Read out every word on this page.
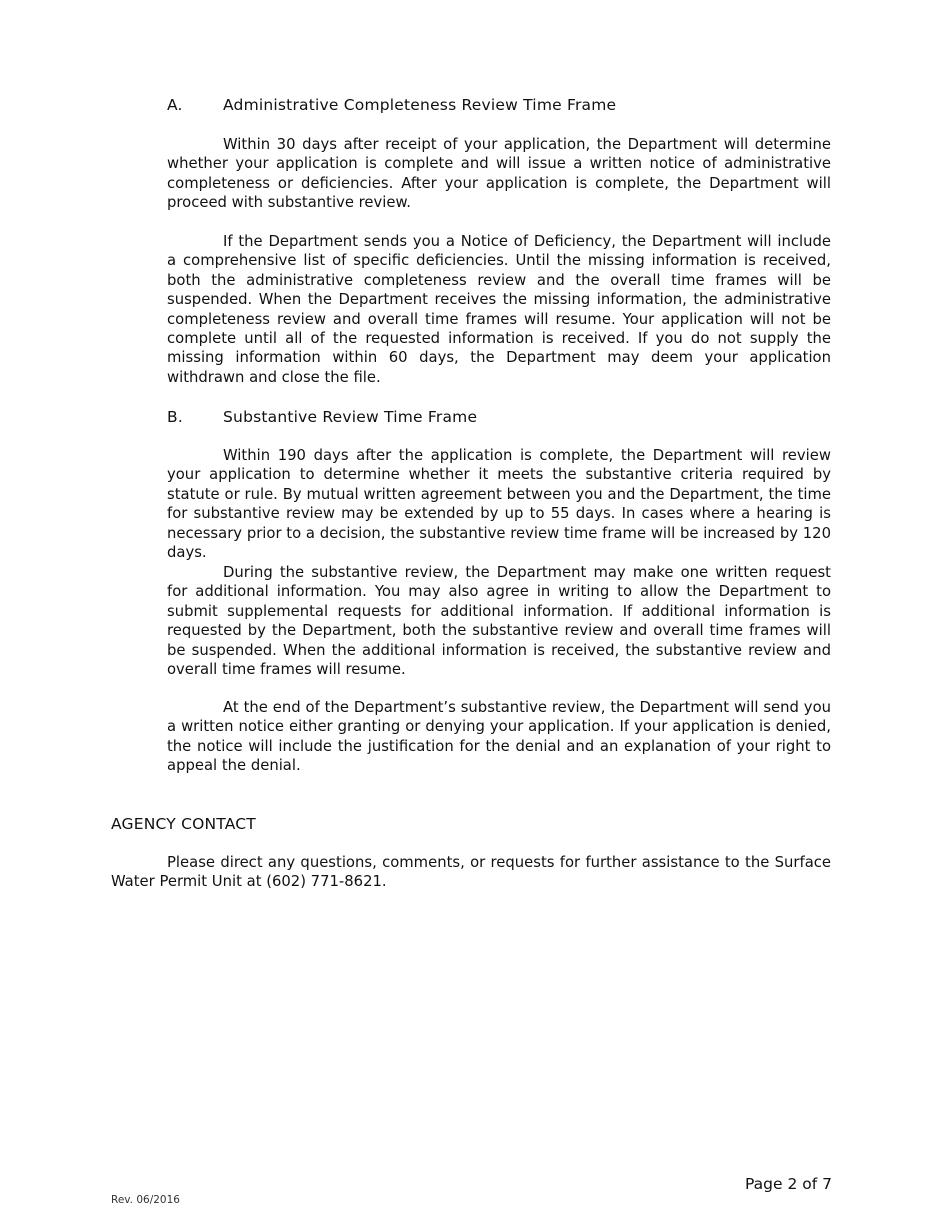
A.	Administrative Completeness Review Time Frame

Within 30 days after receipt of your application, the Department will determine whether your application is complete and will issue a written notice of administrative completeness or deficiencies. After your application is complete, the Department will proceed with substantive review.

If the Department sends you a Notice of Deficiency, the Department will include a comprehensive list of specific deficiencies. Until the missing information is received, both the administrative completeness review and the overall time frames will be suspended. When the Department receives the missing information, the administrative completeness review and overall time frames will resume. Your application will not be complete until all of the requested information is received. If you do not supply the missing information within 60 days, the Department may deem your application withdrawn and close the file.

B.	Substantive Review Time Frame

Within 190 days after the application is complete, the Department will review your application to determine whether it meets the substantive criteria required by statute or rule. By mutual written agreement between you and the Department, the time for substantive review may be extended by up to 55 days. In cases where a hearing is necessary prior to a decision, the substantive review time frame will be increased by 120 days.

During the substantive review, the Department may make one written request for additional information. You may also agree in writing to allow the Department to submit supplemental requests for additional information. If additional information is requested by the Department, both the substantive review and overall time frames will be suspended. When the additional information is received, the substantive review and overall time frames will resume.

At the end of the Department’s substantive review, the Department will send you a written notice either granting or denying your application. If your application is denied, the notice will include the justification for the denial and an explanation of your right to appeal the denial.

AGENCY CONTACT

Please direct any questions, comments, or requests for further assistance to the Surface Water Permit Unit at (602) 771-8621.

Page 2 of 7
Rev. 06/2016
